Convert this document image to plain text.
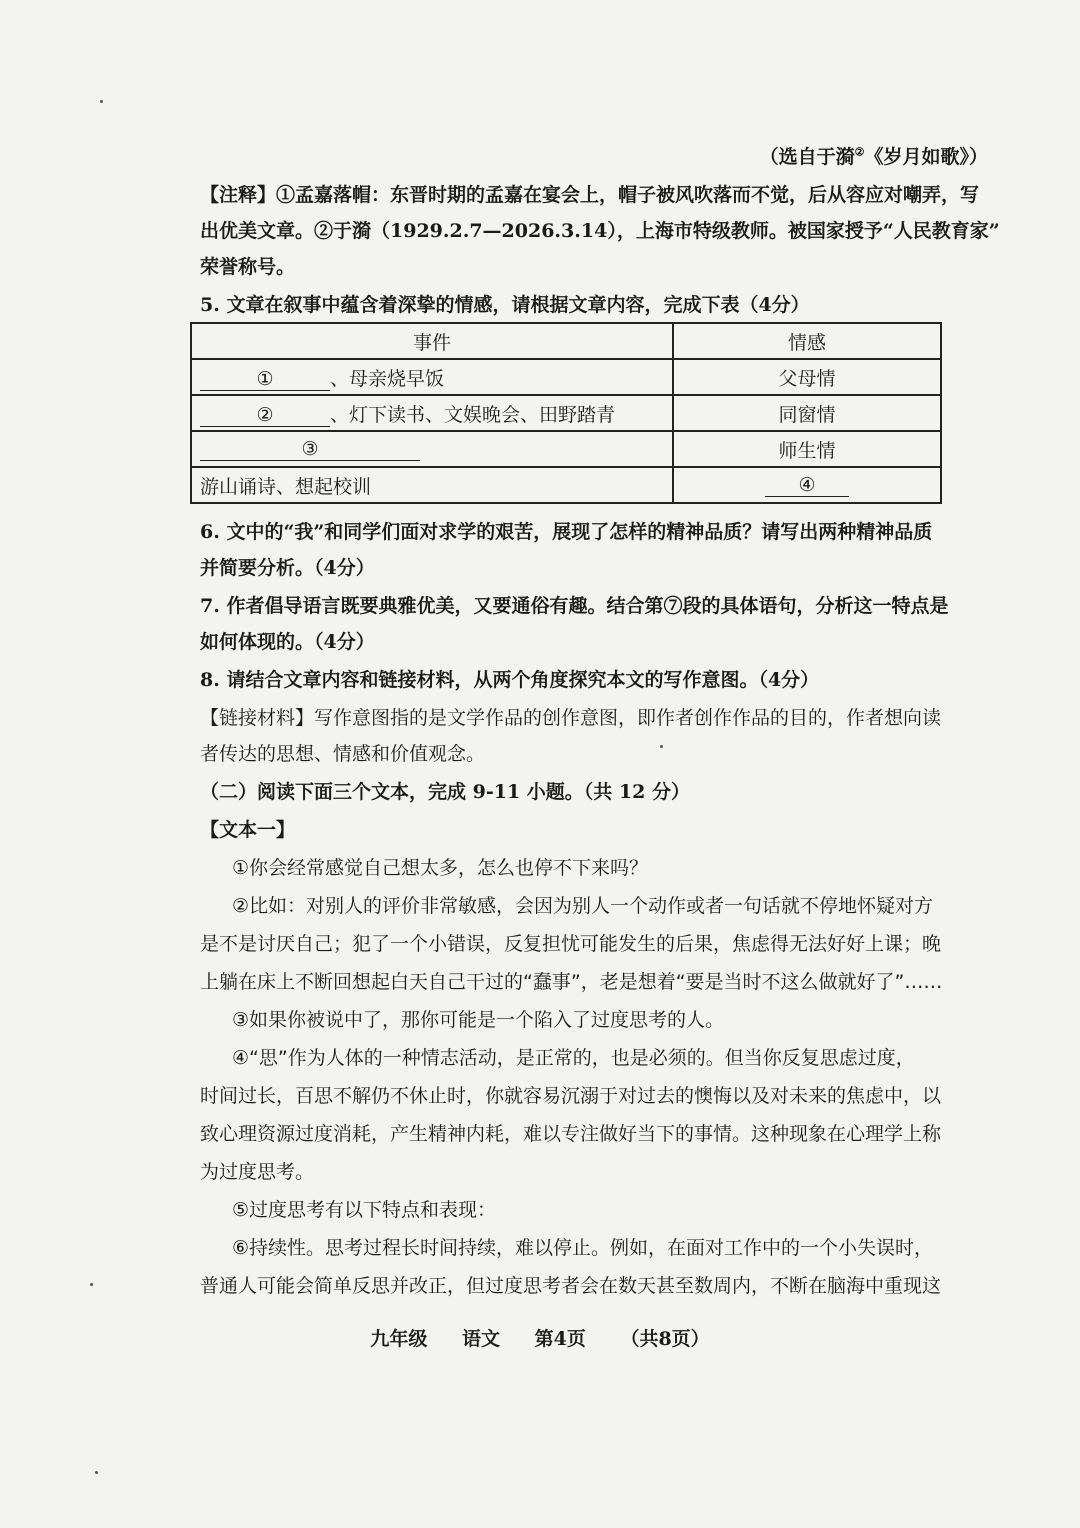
（选自于漪②《岁月如歌》）
【注释】①孟嘉落帽：东晋时期的孟嘉在宴会上，帽子被风吹落而不觉，后从容应对嘲弄，写
出优美文章。②于漪（1929.2.7—2026.3.14），上海市特级教师。被国家授予“人民教育家”
荣誉称号。
5. 文章在叙事中蕴含着深挚的情感，请根据文章内容，完成下表（4分）
事件	情感
① 、母亲烧早饭	父母情
② 、灯下读书、文娱晚会、田野踏青	同窗情
③	师生情
游山诵诗、想起校训	④
6. 文中的“我”和同学们面对求学的艰苦，展现了怎样的精神品质？请写出两种精神品质
并简要分析。（4分）
7. 作者倡导语言既要典雅优美，又要通俗有趣。结合第⑦段的具体语句，分析这一特点是
如何体现的。（4分）
8. 请结合文章内容和链接材料，从两个角度探究本文的写作意图。（4分）
【链接材料】写作意图指的是文学作品的创作意图，即作者创作作品的目的，作者想向读
者传达的思想、情感和价值观念。
（二）阅读下面三个文本，完成 9-11 小题。（共 12 分）
【文本一】
①你会经常感觉自己想太多，怎么也停不下来吗？
②比如：对别人的评价非常敏感，会因为别人一个动作或者一句话就不停地怀疑对方
是不是讨厌自己；犯了一个小错误，反复担忧可能发生的后果，焦虑得无法好好上课；晚
上躺在床上不断回想起白天自己干过的“蠢事”，老是想着“要是当时不这么做就好了”……
③如果你被说中了，那你可能是一个陷入了过度思考的人。
④“思”作为人体的一种情志活动，是正常的，也是必须的。但当你反复思虑过度，
时间过长，百思不解仍不休止时，你就容易沉溺于对过去的懊悔以及对未来的焦虑中，以
致心理资源过度消耗，产生精神内耗，难以专注做好当下的事情。这种现象在心理学上称
为过度思考。
⑤过度思考有以下特点和表现：
⑥持续性。思考过程长时间持续，难以停止。例如，在面对工作中的一个小失误时，
普通人可能会简单反思并改正，但过度思考者会在数天甚至数周内，不断在脑海中重现这
九年级 语文 第4页 （共8页）
